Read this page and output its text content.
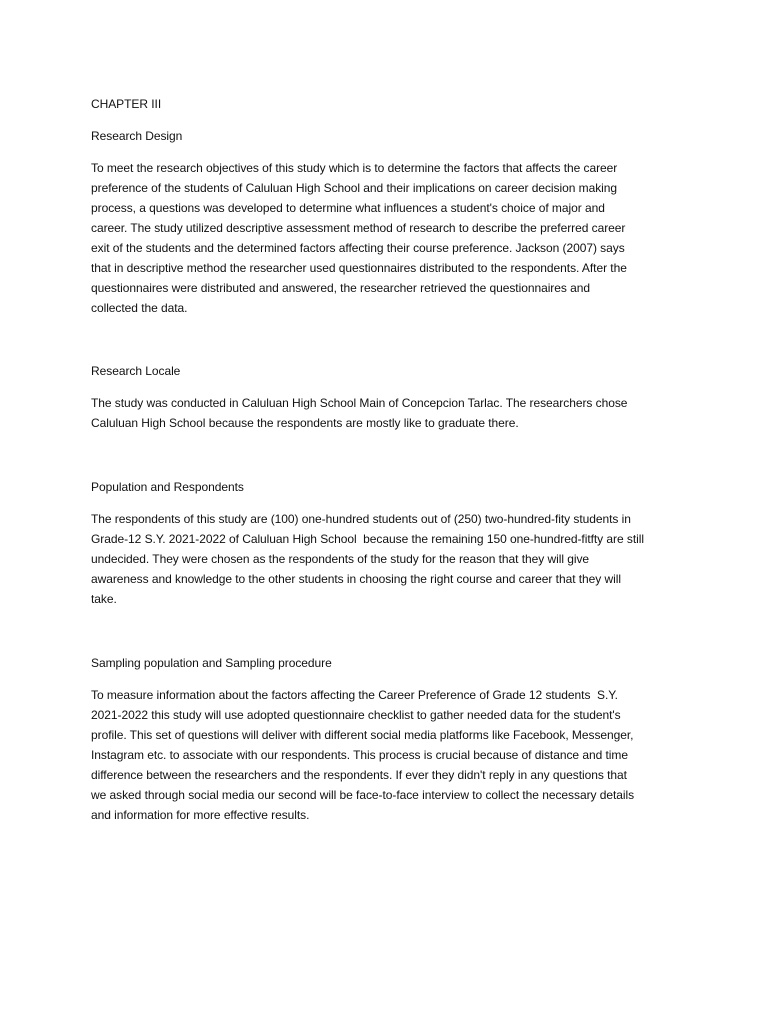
CHAPTER III
Research Design
To meet the research objectives of this study which is to determine the factors that affects the career
preference of the students of Caluluan High School and their implications on career decision making
process, a questions was developed to determine what influences a student's choice of major and
career. The study utilized descriptive assessment method of research to describe the preferred career
exit of the students and the determined factors affecting their course preference. Jackson (2007) says
that in descriptive method the researcher used questionnaires distributed to the respondents. After the
questionnaires were distributed and answered, the researcher retrieved the questionnaires and
collected the data.
Research Locale
The study was conducted in Caluluan High School Main of Concepcion Tarlac. The researchers chose
Caluluan High School because the respondents are mostly like to graduate there.
Population and Respondents
The respondents of this study are (100) one-hundred students out of (250) two-hundred-fity students in
Grade-12 S.Y. 2021-2022 of Caluluan High School  because the remaining 150 one-hundred-fitfty are still
undecided. They were chosen as the respondents of the study for the reason that they will give
awareness and knowledge to the other students in choosing the right course and career that they will
take.
Sampling population and Sampling procedure
To measure information about the factors affecting the Career Preference of Grade 12 students  S.Y.
2021-2022 this study will use adopted questionnaire checklist to gather needed data for the student's
profile. This set of questions will deliver with different social media platforms like Facebook, Messenger,
Instagram etc. to associate with our respondents. This process is crucial because of distance and time
difference between the researchers and the respondents. If ever they didn't reply in any questions that
we asked through social media our second will be face-to-face interview to collect the necessary details
and information for more effective results.
